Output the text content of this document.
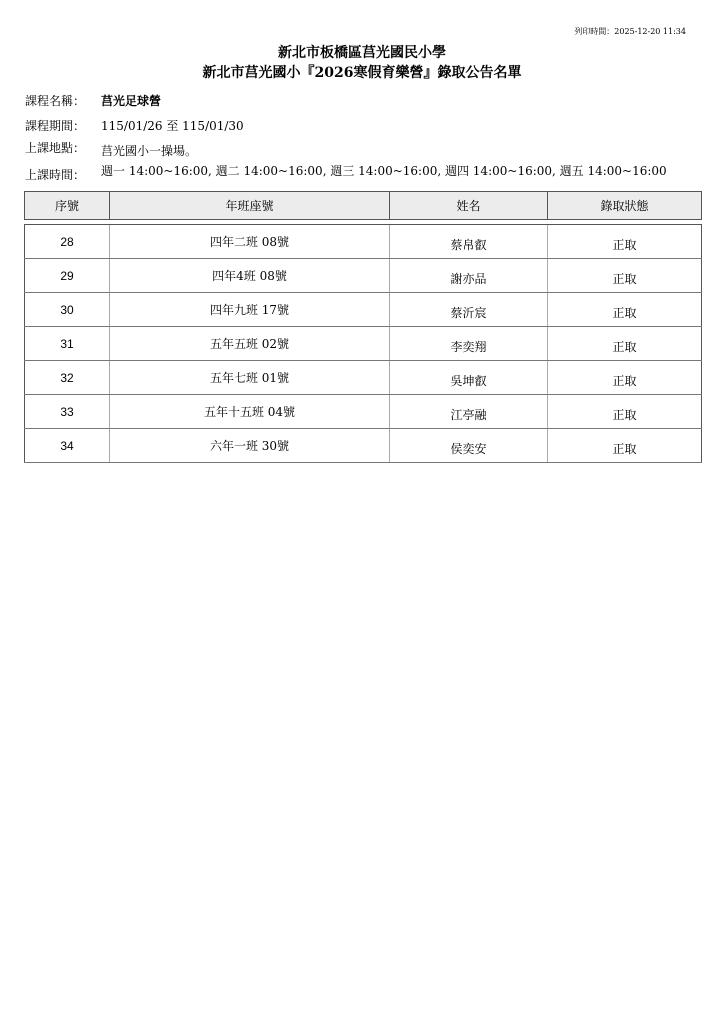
列印時間：2025-12-20 11:34
新北市板橋區莒光國民小學
新北市莒光國小『2026寒假育樂營』錄取公告名單
課程名稱： 莒光足球營
課程期間： 115/01/26 至 115/01/30
上課地點： 莒光國小一操場。
上課時間： 週一 14:00~16:00, 週二 14:00~16:00, 週三 14:00~16:00, 週四 14:00~16:00, 週五 14:00~16:00
序號	年班座號	姓名	錄取狀態

28	四年二班 08號	蔡帛叡	正取
29	四年4班 08號	謝亦品	正取
30	四年九班 17號	蔡沂宸	正取
31	五年五班 02號	李奕翔	正取
32	五年七班 01號	吳坤叡	正取
33	五年十五班 04號	江亭融	正取
34	六年一班 30號	侯奕安	正取
